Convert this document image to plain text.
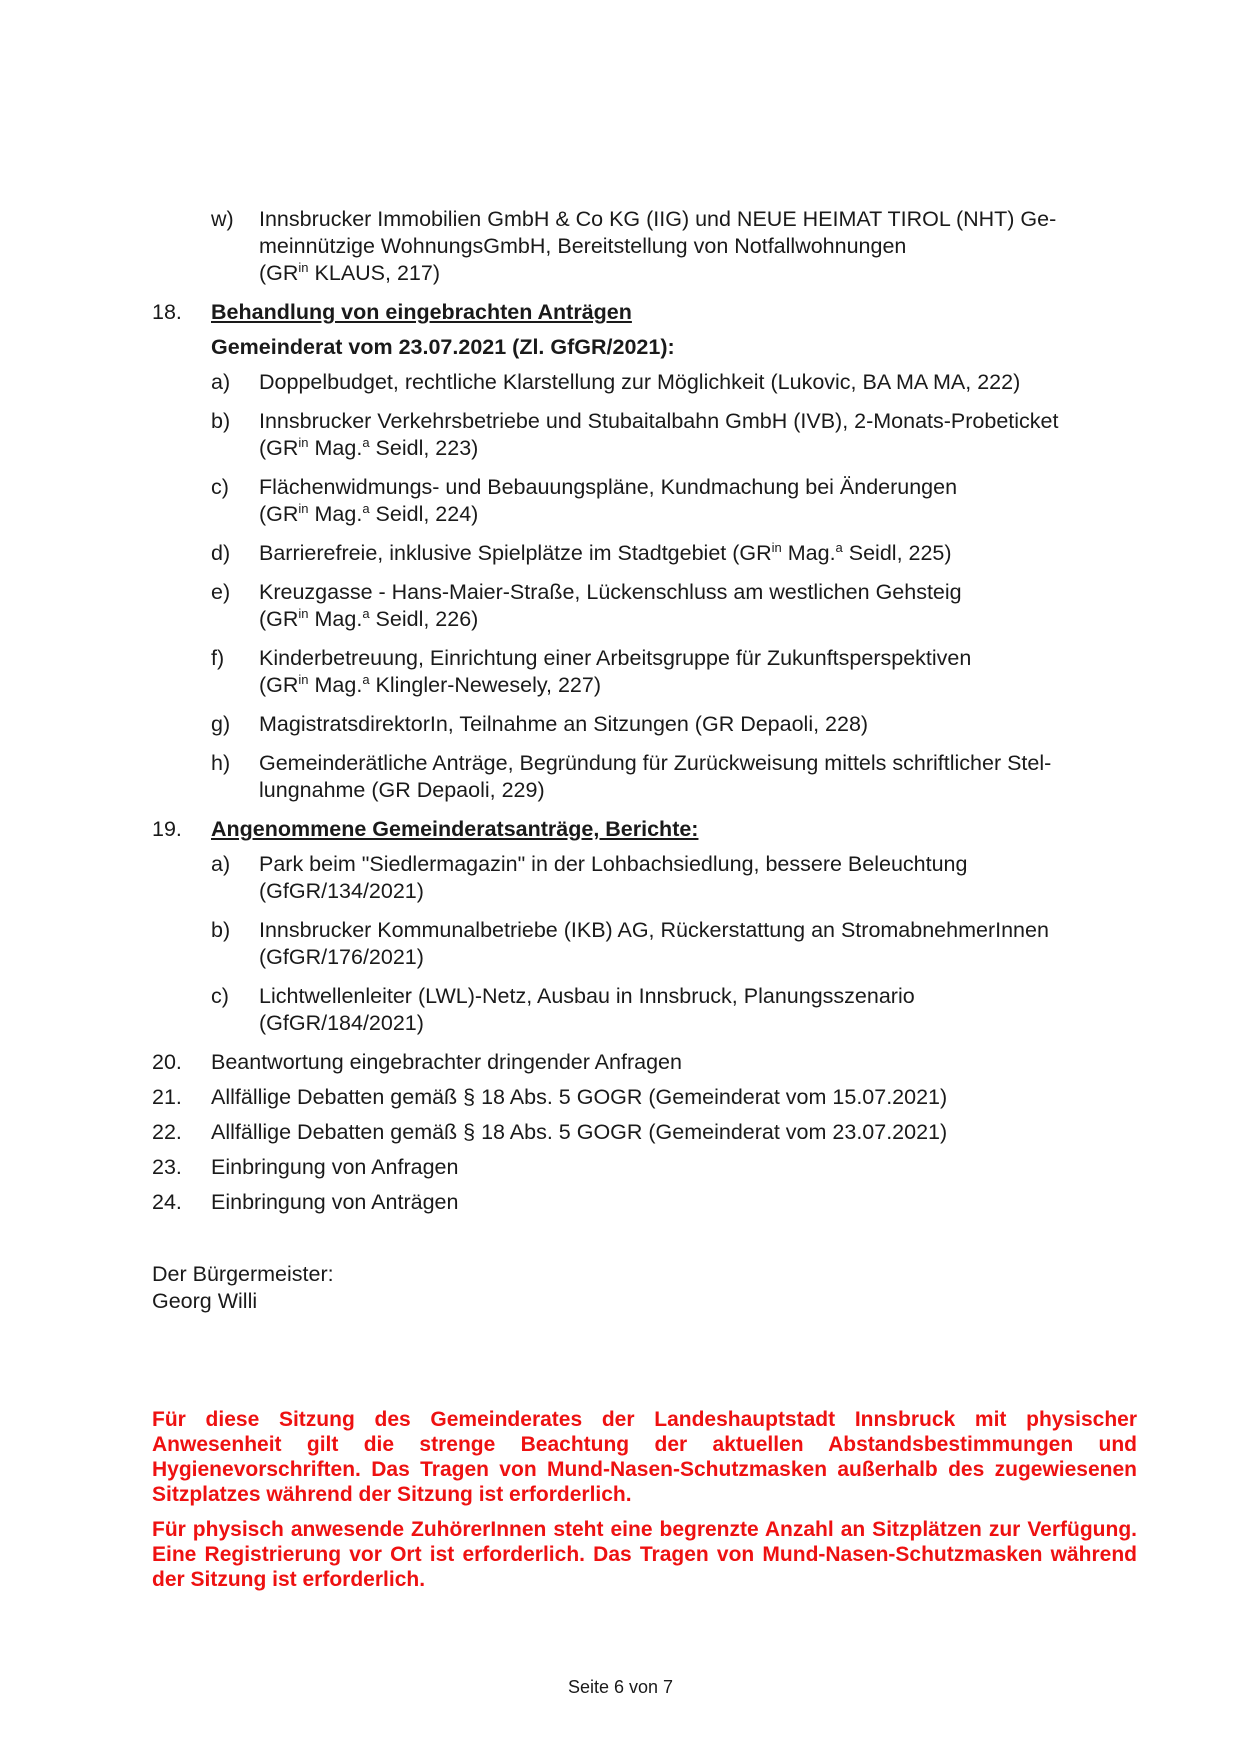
w) Innsbrucker Immobilien GmbH & Co KG (IIG) und NEUE HEIMAT TIROL (NHT) Ge-
meinnützige WohnungsGmbH, Bereitstellung von Notfallwohnungen
($GR^{in}$ KLAUS, 217)
18. Behandlung von eingebrachten Anträgen
Gemeinderat vom 23.07.2021 (Zl. GfGR/2021):
a) Doppelbudget, rechtliche Klarstellung zur Möglichkeit (Lukovic, BA MA MA, 222)
b) Innsbrucker Verkehrsbetriebe und Stubaitalbahn GmbH (IVB), 2-Monats-Probeticket
($GR^{in}$ Mag.$^a$ Seidl, 223)
c) Flächenwidmungs- und Bebauungspläne, Kundmachung bei Änderungen
($GR^{in}$ Mag.$^a$ Seidl, 224)
d) Barrierefreie, inklusive Spielplätze im Stadtgebiet ($GR^{in}$ Mag.$^a$ Seidl, 225)
e) Kreuzgasse - Hans-Maier-Straße, Lückenschluss am westlichen Gehsteig
($GR^{in}$ Mag.$^a$ Seidl, 226)
f) Kinderbetreuung, Einrichtung einer Arbeitsgruppe für Zukunftsperspektiven
($GR^{in}$ Mag.$^a$ Klingler-Newesely, 227)
g) MagistratsdirektorIn, Teilnahme an Sitzungen (GR Depaoli, 228)
h) Gemeinderätliche Anträge, Begründung für Zurückweisung mittels schriftlicher Stel-
lungnahme (GR Depaoli, 229)
19. Angenommene Gemeinderatsanträge, Berichte:
a) Park beim "Siedlermagazin" in der Lohbachsiedlung, bessere Beleuchtung
(GfGR/134/2021)
b) Innsbrucker Kommunalbetriebe (IKB) AG, Rückerstattung an StromabnehmerInnen
(GfGR/176/2021)
c) Lichtwellenleiter (LWL)-Netz, Ausbau in Innsbruck, Planungsszenario
(GfGR/184/2021)
20. Beantwortung eingebrachter dringender Anfragen
21. Allfällige Debatten gemäß § 18 Abs. 5 GOGR (Gemeinderat vom 15.07.2021)
22. Allfällige Debatten gemäß § 18 Abs. 5 GOGR (Gemeinderat vom 23.07.2021)
23. Einbringung von Anfragen
24. Einbringung von Anträgen
Der Bürgermeister:
Georg Willi

Für diese Sitzung des Gemeinderates der Landeshauptstadt Innsbruck mit physischer Anwesenheit gilt die strenge Beachtung der aktuellen Abstandsbestimmungen und Hygienevorschriften. Das Tragen von Mund-Nasen-Schutzmasken außerhalb des zugewiesenen Sitzplatzes während der Sitzung ist erforderlich.

Für physisch anwesende ZuhörerInnen steht eine begrenzte Anzahl an Sitzplätzen zur Verfügung. Eine Registrierung vor Ort ist erforderlich. Das Tragen von Mund-Nasen-Schutzmasken während der Sitzung ist erforderlich.

Seite 6 von 7
